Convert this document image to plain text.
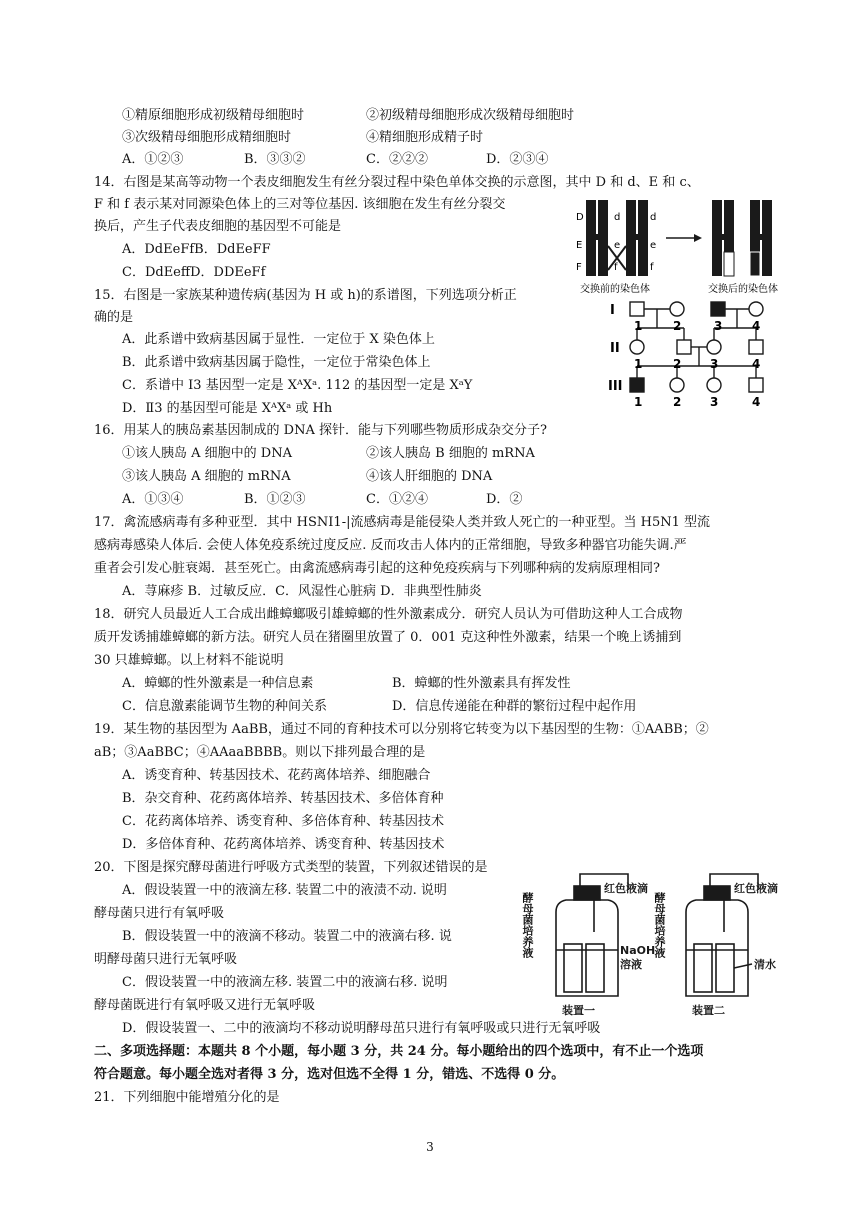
①精原细胞形成初级精母细胞时	②初级精母细胞形成次级精母细胞时
③次级精母细胞形成精细胞时	④精细胞形成精子时
A．①②③	B．③③②	C．②②②	D．②③④
14．右图是某高等动物一个表皮细胞发生有丝分裂过程中染色单体交换的示意图，其中 D 和 d、E 和 c、
F 和 f 表示某对同源染色体上的三对等位基因. 该细胞在发生有丝分裂交
换后，产生子代表皮细胞的基因型不可能是
A．DdEeFfB．DdEeFF
C．DdEeffD．DDEeFf
D
E
F
d
e
f
d
e
f
交换前的染色体	交换后的染色体
15．右图是一家族某种遗传病(基因为 H 或 h)的系谱图，下列选项分析正
确的是
A．此系谱中致病基因属于显性．一定位于 X 染色体上
B．此系谱中致病基因属于隐性，一定位于常染色体上
C．系谱中 I3 基因型一定是 XᴬXᵃ. 112 的基因型一定是 XᵃY
D．Ⅱ3 的基因型可能是 XᴬXᵃ 或 Hh
I
II
III
1	2	3 4
1	2 3	4
1	2 3	4
16．用某人的胰岛素基因制成的 DNA 探针．能与下列哪些物质形成杂交分子?
①该人胰岛 A 细胞中的 DNA	②该人胰岛 B 细胞的 mRNA
③该人胰岛 A 细胞的 mRNA	④该人肝细胞的 DNA
A．①③④	B．①②③	C．①②④	D．②
17．禽流感病毒有多种亚型．其中 HSNI1-|流感病毒是能侵染人类并致人死亡的一种亚型。当 H5N1 型流
感病毒感染人体后. 会使人体免疫系统过度反应. 反而攻击人体内的正常细胞，导致多种器官功能失调.严
重者会引发心脏衰竭．甚至死亡。由禽流感病毒引起的这种免疫疾病与下列哪种病的发病原理相同?
A．荨麻疹 B．过敏反应．C．风湿性心脏病 D．非典型性肺炎
18．研究人员最近人工合成出雌蟑螂吸引雄蟑螂的性外激素成分．研究人员认为可借助这种人工合成物
质开发诱捕雄蟑螂的新方法。研究人员在猪圈里放置了 0．001 克这种性外激素，结果一个晚上诱捕到
30 只雄蟑螂。以上材料不能说明
A．蟑螂的性外激素是一种信息素	B．蟑螂的性外激素具有挥发性
C．信息激素能调节生物的种间关系	D．信息传递能在种群的繁衍过程中起作用
19．某生物的基因型为 AaBB，通过不同的育种技术可以分别将它转变为以下基因型的生物：①AABB；②
aB；③AaBBC；④AAaaBBBB。则以下排列最合理的是
A．诱变育种、转基因技术、花药离体培养、细胞融合
B．杂交育种、花药离体培养、转基因技术、多倍体育种
C．花药离体培养、诱变育种、多倍体育种、转基因技术
D．多倍体育种、花药离体培养、诱变育种、转基因技术
20．下图是探究酵母菌进行呼吸方式类型的装置，下列叙述错误的是
A．假设装置一中的液滴左移. 装置二中的液渍不动. 说明
酵母菌只进行有氧呼吸
B．假设装置一中的液滴不移动。装置二中的液滴右移. 说
明酵母菌只进行无氧呼吸
C．假设装置一中的液滴左移. 装置二中的液滴右移. 说明
酵母菌既进行有氧呼吸又进行无氧呼吸
D．假设装置一、二中的液滴均不移动说明酵母茁只进行有氧呼吸或只进行无氧呼吸
红色液滴	红色液滴
NaOH
溶液	清水
装置一	装置二
酵母菌培养液	酵母菌培养液
二、多项选择题：本题共 8 个小题，每小题 3 分，共 24 分。每小题给出的四个选项中，有不止一个选项
符合题意。每小题全选对者得 3 分，选对但选不全得 1 分，错选、不选得 0 分。
21．下列细胞中能增殖分化的是
3
